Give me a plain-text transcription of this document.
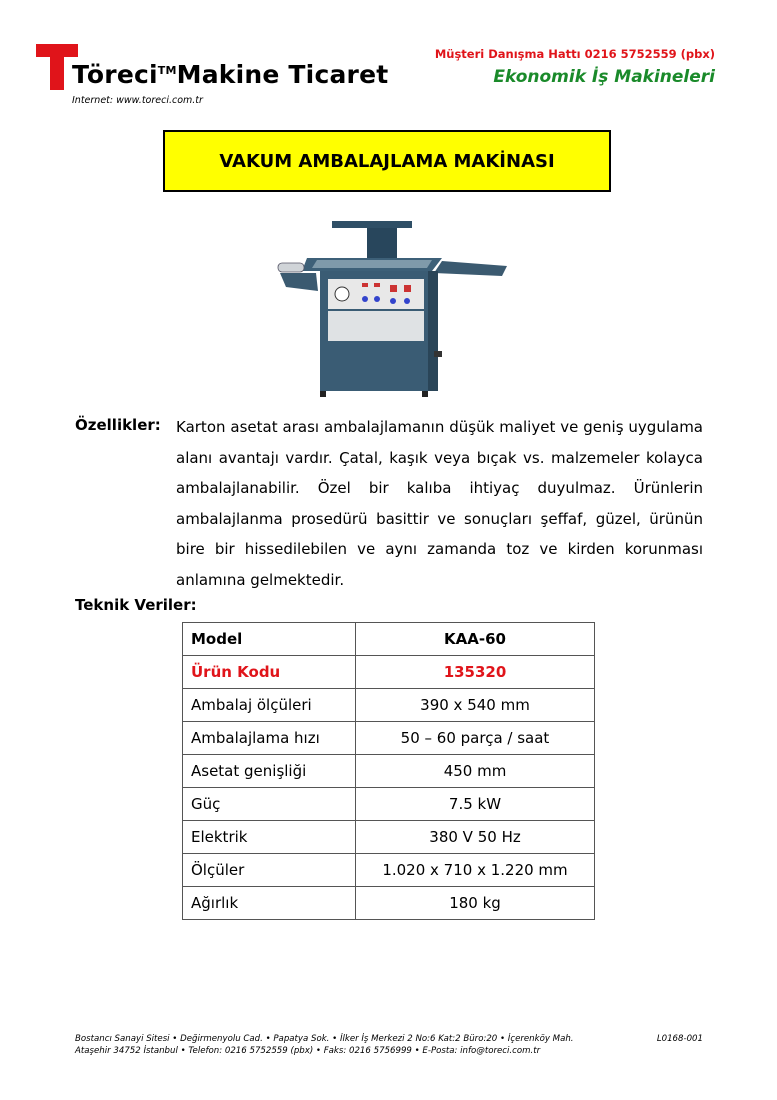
Töreci™Makine Ticaret
Internet: www.toreci.com.tr
Müşteri Danışma Hattı 0216 5752559 (pbx)
Ekonomik İş Makineleri
VAKUM AMBALAJLAMA MAKİNASI
Özellikler: Karton asetat arası ambalajlamanın düşük maliyet ve geniş uygulama alanı avantajı vardır. Çatal, kaşık veya bıçak vs. malzemeler kolayca ambalajlanabilir. Özel bir kalıba ihtiyaç duyulmaz. Ürünlerin ambalajlanma prosedürü basittir ve sonuçları şeffaf, güzel, ürünün bire bir hissedilebilen ve aynı zamanda toz ve kirden korunması anlamına gelmektedir.
Teknik Veriler:
Model	KAA-60
Ürün Kodu	135320
Ambalaj ölçüleri	390 x 540 mm
Ambalajlama hızı	50 – 60 parça / saat
Asetat genişliği	450 mm
Güç	7.5 kW
Elektrik	380 V 50 Hz
Ölçüler	1.020 x 710 x 1.220 mm
Ağırlık	180 kg
Bostancı Sanayi Sitesi • Değirmenyolu Cad. • Papatya Sok. • İlker İş Merkezi 2 No:6 Kat:2 Büro:20 • İçerenköy Mah.
Ataşehir 34752 İstanbul • Telefon: 0216 5752559 (pbx) • Faks: 0216 5756999 • E-Posta: info@toreci.com.tr
L0168-001
